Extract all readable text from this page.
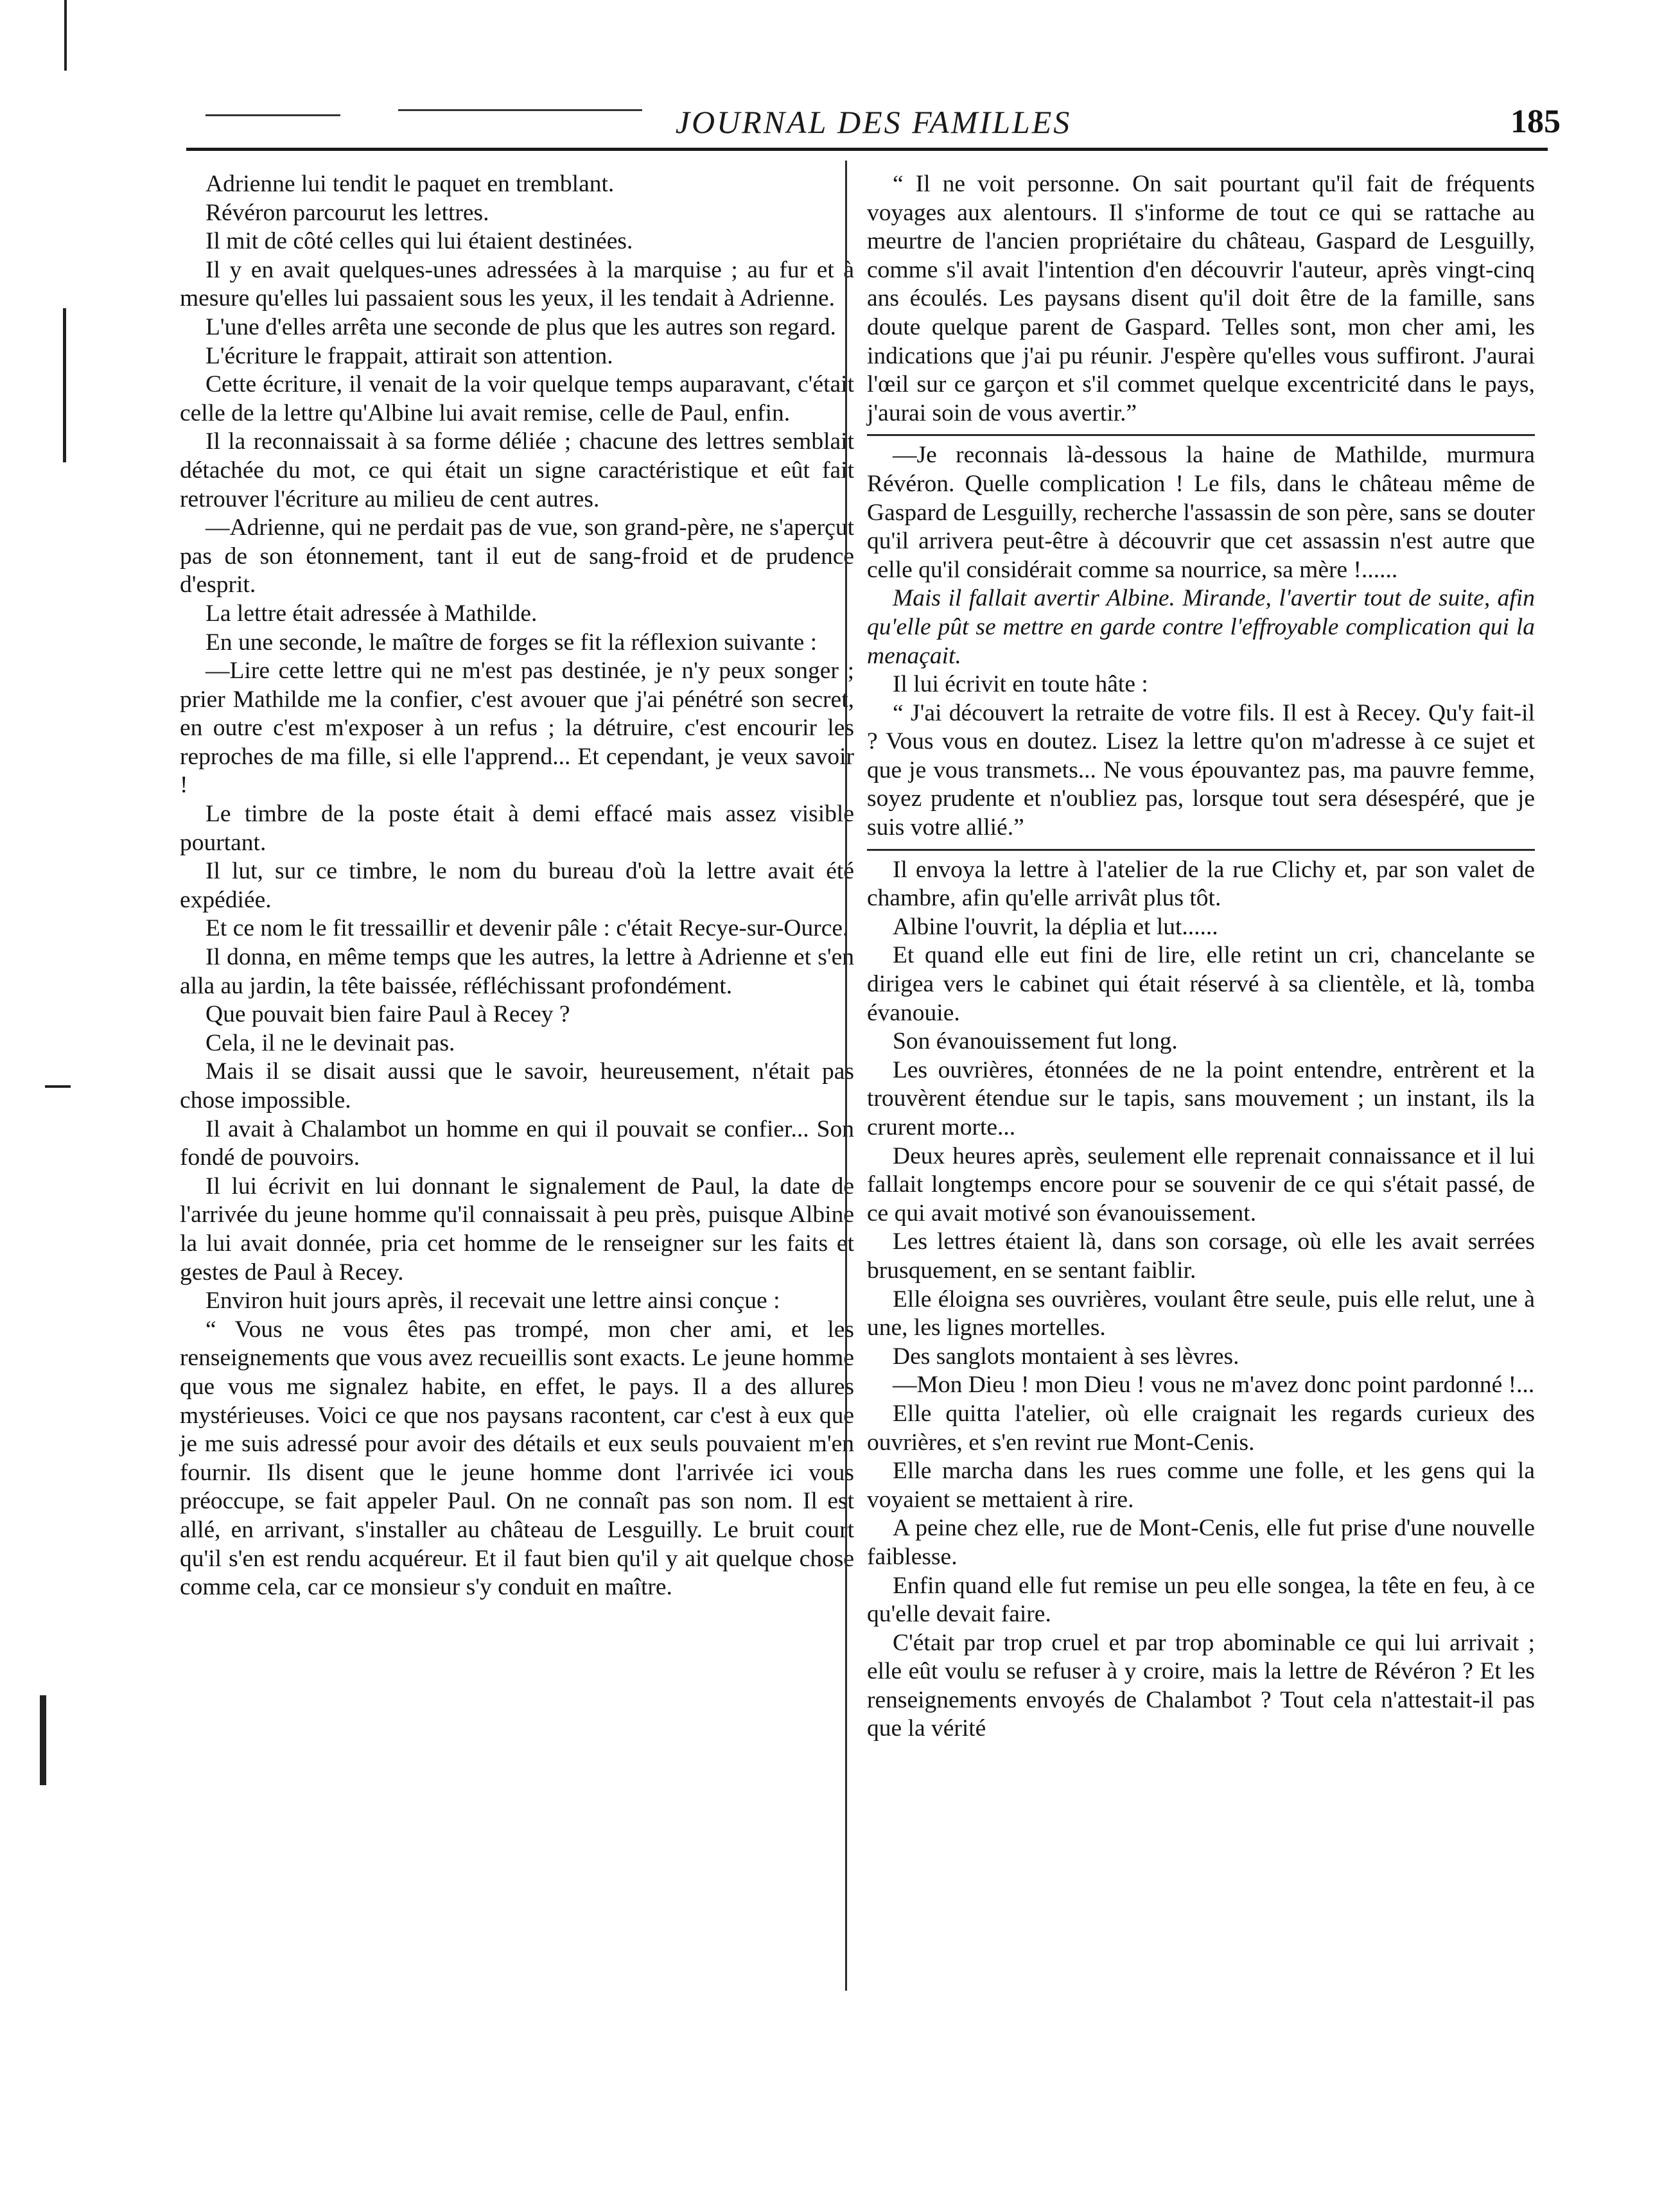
JOURNAL DES FAMILLES	185

Adrienne lui tendit le paquet en tremblant.

Révéron parcourut les lettres.

Il mit de côté celles qui lui étaient destinées.

Il y en avait quelques-unes adressées à la marquise ; au fur et à mesure qu'elles lui passaient sous les yeux, il les tendait à Adrienne.

L'une d'elles arrêta une seconde de plus que les autres son regard.

L'écriture le frappait, attirait son attention.

Cette écriture, il venait de la voir quelque temps auparavant, c'était celle de la lettre qu'Albine lui avait remise, celle de Paul, enfin.

Il la reconnaissait à sa forme déliée ; chacune des lettres semblait détachée du mot, ce qui était un signe caractéristique et eût fait retrouver l'écriture au milieu de cent autres.

—Adrienne, qui ne perdait pas de vue, son grand-père, ne s'aperçut pas de son étonnement, tant il eut de sang-froid et de prudence d'esprit.

La lettre était adressée à Mathilde.

En une seconde, le maître de forges se fit la réflexion suivante :

—Lire cette lettre qui ne m'est pas destinée, je n'y peux songer ; prier Mathilde me la confier, c'est avouer que j'ai pénétré son secret, en outre c'est m'exposer à un refus ; la détruire, c'est encourir les reproches de ma fille, si elle l'apprend... Et cependant, je veux savoir !

Le timbre de la poste était à demi effacé mais assez visible pourtant.

Il lut, sur ce timbre, le nom du bureau d'où la lettre avait été expédiée.

Et ce nom le fit tressaillir et devenir pâle : c'était Recye-sur-Ource.

Il donna, en même temps que les autres, la lettre à Adrienne et s'en alla au jardin, la tête baissée, réfléchissant profondément.

Que pouvait bien faire Paul à Recey ?

Cela, il ne le devinait pas.

Mais il se disait aussi que le savoir, heureusement, n'était pas chose impossible.

Il avait à Chalambot un homme en qui il pouvait se confier... Son fondé de pouvoirs.

Il lui écrivit en lui donnant le signalement de Paul, la date de l'arrivée du jeune homme qu'il connaissait à peu près, puisque Albine la lui avait donnée, pria cet homme de le renseigner sur les faits et gestes de Paul à Recey.

Environ huit jours après, il recevait une lettre ainsi conçue :

“ Vous ne vous êtes pas trompé, mon cher ami, et les renseignements que vous avez recueillis sont exacts. Le jeune homme que vous me signalez habite, en effet, le pays. Il a des allures mystérieuses. Voici ce que nos paysans racontent, car c'est à eux que je me suis adressé pour avoir des détails et eux seuls pouvaient m'en fournir. Ils disent que le jeune homme dont l'arrivée ici vous préoccupe, se fait appeler Paul. On ne connaît pas son nom. Il est allé, en arrivant, s'installer au château de Lesguilly. Le bruit court qu'il s'en est rendu acquéreur. Et il faut bien qu'il y ait quelque chose comme cela, car ce monsieur s'y conduit en maître.

“ Il ne voit personne. On sait pourtant qu'il fait de fréquents voyages aux alentours. Il s'informe de tout ce qui se rattache au meurtre de l'ancien propriétaire du château, Gaspard de Lesguilly, comme s'il avait l'intention d'en découvrir l'auteur, après vingt-cinq ans écoulés. Les paysans disent qu'il doit être de la famille, sans doute quelque parent de Gaspard. Telles sont, mon cher ami, les indications que j'ai pu réunir. J'espère qu'elles vous suffiront. J'aurai l'œil sur ce garçon et s'il commet quelque excentricité dans le pays, j'aurai soin de vous avertir.”

—Je reconnais là-dessous la haine de Mathilde, murmura Révéron. Quelle complication ! Le fils, dans le château même de Gaspard de Lesguilly, recherche l'assassin de son père, sans se douter qu'il arrivera peut-être à découvrir que cet assassin n'est autre que celle qu'il considérait comme sa nourrice, sa mère !......

Mais il fallait avertir Albine. Mirande, l'avertir tout de suite, afin qu'elle pût se mettre en garde contre l'effroyable complication qui la menaçait.

Il lui écrivit en toute hâte :

“ J'ai découvert la retraite de votre fils. Il est à Recey. Qu'y fait-il ? Vous vous en doutez. Lisez la lettre qu'on m'adresse à ce sujet et que je vous transmets... Ne vous épouvantez pas, ma pauvre femme, soyez prudente et n'oubliez pas, lorsque tout sera désespéré, que je suis votre allié.”

Il envoya la lettre à l'atelier de la rue Clichy et, par son valet de chambre, afin qu'elle arrivât plus tôt.

Albine l'ouvrit, la déplia et lut......

Et quand elle eut fini de lire, elle retint un cri, chancelante se dirigea vers le cabinet qui était réservé à sa clientèle, et là, tomba évanouie.

Son évanouissement fut long.

Les ouvrières, étonnées de ne la point entendre, entrèrent et la trouvèrent étendue sur le tapis, sans mouvement ; un instant, ils la crurent morte...

Deux heures après, seulement elle reprenait connaissance et il lui fallait longtemps encore pour se souvenir de ce qui s'était passé, de ce qui avait motivé son évanouissement.

Les lettres étaient là, dans son corsage, où elle les avait serrées brusquement, en se sentant faiblir.

Elle éloigna ses ouvrières, voulant être seule, puis elle relut, une à une, les lignes mortelles.

Des sanglots montaient à ses lèvres.

—Mon Dieu ! mon Dieu ! vous ne m'avez donc point pardonné !...

Elle quitta l'atelier, où elle craignait les regards curieux des ouvrières, et s'en revint rue Mont-Cenis.

Elle marcha dans les rues comme une folle, et les gens qui la voyaient se mettaient à rire.

A peine chez elle, rue de Mont-Cenis, elle fut prise d'une nouvelle faiblesse.

Enfin quand elle fut remise un peu elle songea, la tête en feu, à ce qu'elle devait faire.

C'était par trop cruel et par trop abominable ce qui lui arrivait ; elle eût voulu se refuser à y croire, mais la lettre de Révéron ? Et les renseignements envoyés de Chalambot ? Tout cela n'attestait-il pas que la vérité
